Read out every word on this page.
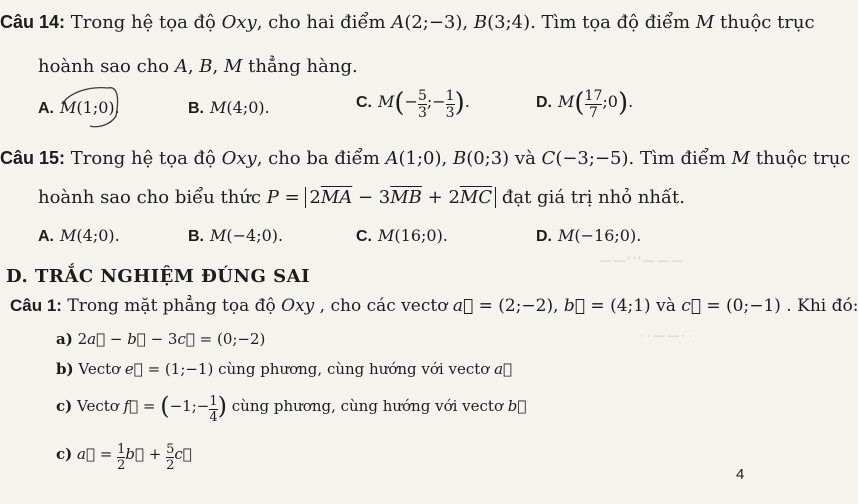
— — ′ ′ ′ — — —
· · — — · ·
Câu 14: Trong hệ tọa độ Oxy, cho hai điểm A(2;−3), B(3;4). Tìm tọa độ điểm M thuộc trục
hoành sao cho A, B, M thẳng hàng.
A. M(1;0).	B. M(4;0).	C. $M(- \frac{5}{3}$ ;− $\frac{1}{3}$ ).	D. $M( \frac{17}{7}$ ;0).
Câu 15: Trong hệ tọa độ Oxy, cho ba điểm A(1;0), B(0;3) và C(−3;−5). Tìm điểm M thuộc trục
hoành sao cho biểu thức $P = 2\overline{MA} - 3\overline{MB} + 2\overline{MC}$ đạt giá trị nhỏ nhất.
A. M(4;0).	B. M(−4;0).	C. M(16;0).	D. M(−16;0).
D. TRẮC NGHIỆM ĐÚNG SAI
Câu 1: Trong mặt phẳng tọa độ Oxy , cho các vectơ a⃗ = (2;−2), b⃗ = (4;1) và c⃗ = (0;−1) . Khi đó:
a) 2a⃗ − b⃗ − 3c⃗ = (0;−2)
b) Vectơ e⃗ = (1;−1) cùng phương, cùng hướng với vectơ a⃗
c) Vectơ f⃗ = (−1;− $\frac{1}{4}$ ) cùng phương, cùng hướng với vectơ b⃗
c) a⃗ = $\frac{1}{2}$ b⃗ + $\frac{5}{2}$ c⃗
4
